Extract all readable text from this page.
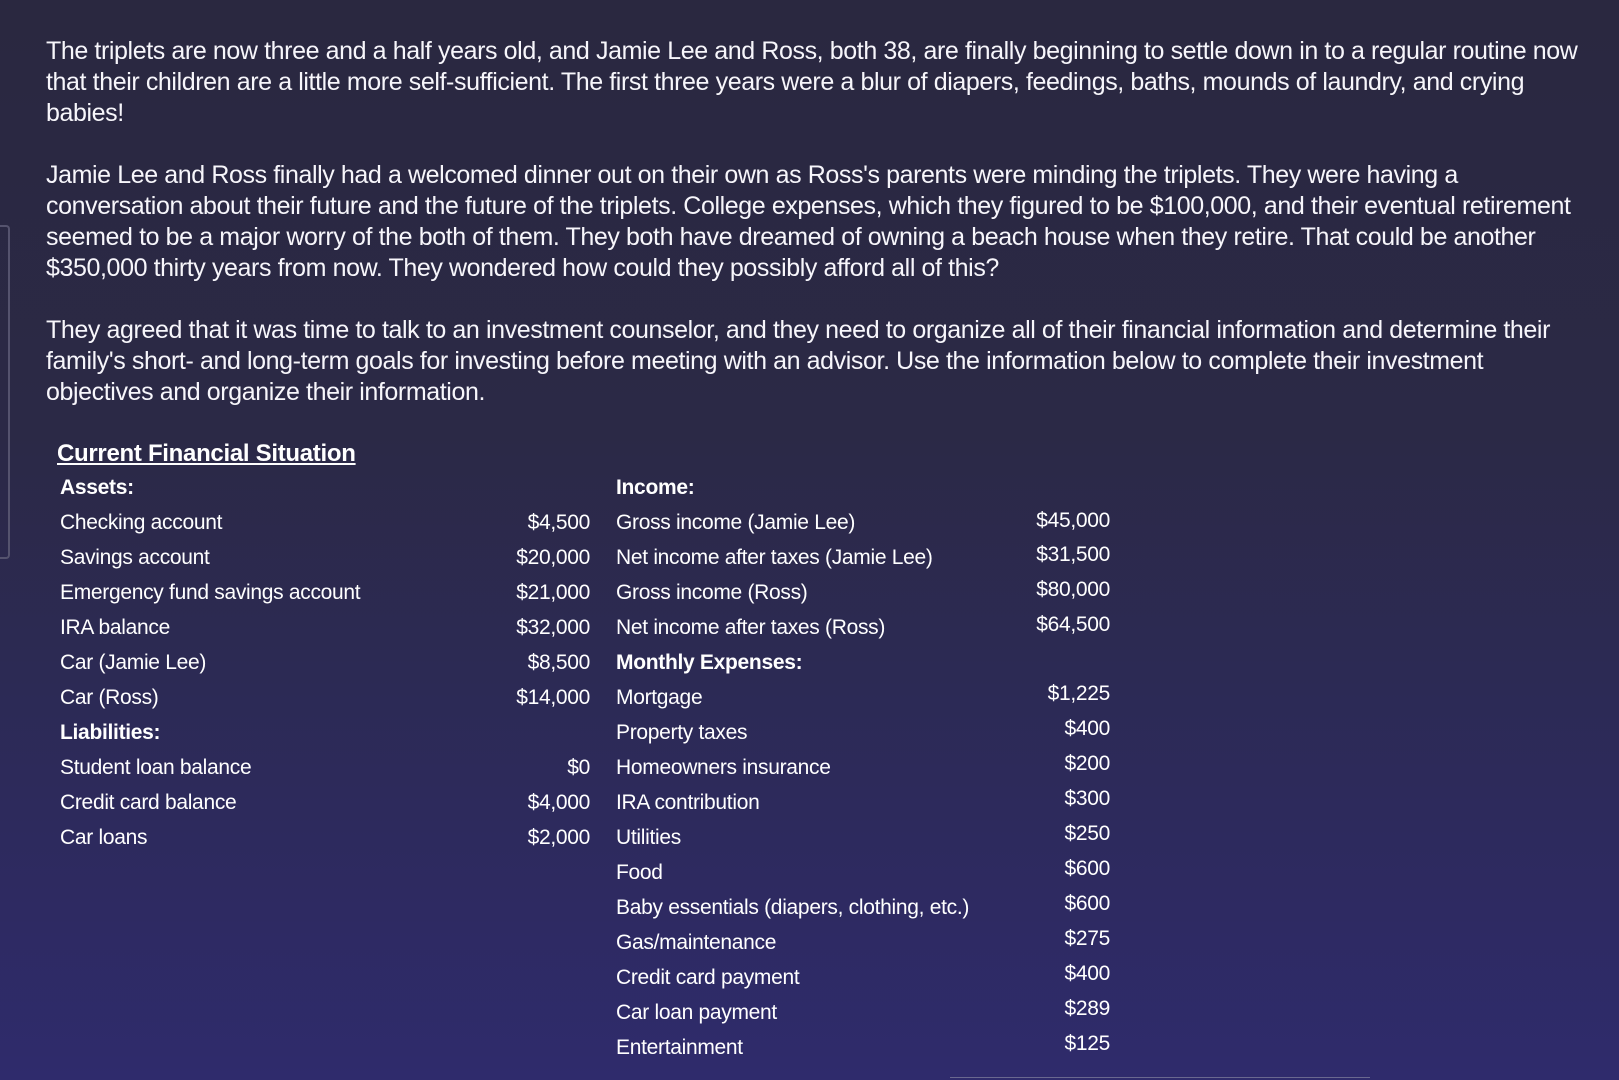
The triplets are now three and a half years old, and Jamie Lee and Ross, both 38, are finally beginning to settle down in to a regular routine now that their children are a little more self-sufficient. The first three years were a blur of diapers, feedings, baths, mounds of laundry, and crying babies!

Jamie Lee and Ross finally had a welcomed dinner out on their own as Ross's parents were minding the triplets. They were having a conversation about their future and the future of the triplets. College expenses, which they figured to be $100,000, and their eventual retirement seemed to be a major worry of the both of them. They both have dreamed of owning a beach house when they retire. That could be another $350,000 thirty years from now. They wondered how could they possibly afford all of this?

They agreed that it was time to talk to an investment counselor, and they need to organize all of their financial information and determine their family's short- and long-term goals for investing before meeting with an advisor. Use the information below to complete their investment objectives and organize their information.

Current Financial Situation
Assets:
Checking account	$4,500
Savings account	$20,000
Emergency fund savings account	$21,000
IRA balance	$32,000
Car (Jamie Lee)	$8,500
Car (Ross)	$14,000
Liabilities:
Student loan balance	$0
Credit card balance	$4,000
Car loans	$2,000
Income:
Gross income (Jamie Lee)	$45,000
Net income after taxes (Jamie Lee)	$31,500
Gross income (Ross)	$80,000
Net income after taxes (Ross)	$64,500
Monthly Expenses:
Mortgage	$1,225
Property taxes	$400
Homeowners insurance	$200
IRA contribution	$300
Utilities	$250
Food	$600
Baby essentials (diapers, clothing, etc.)	$600
Gas/maintenance	$275
Credit card payment	$400
Car loan payment	$289
Entertainment	$125
